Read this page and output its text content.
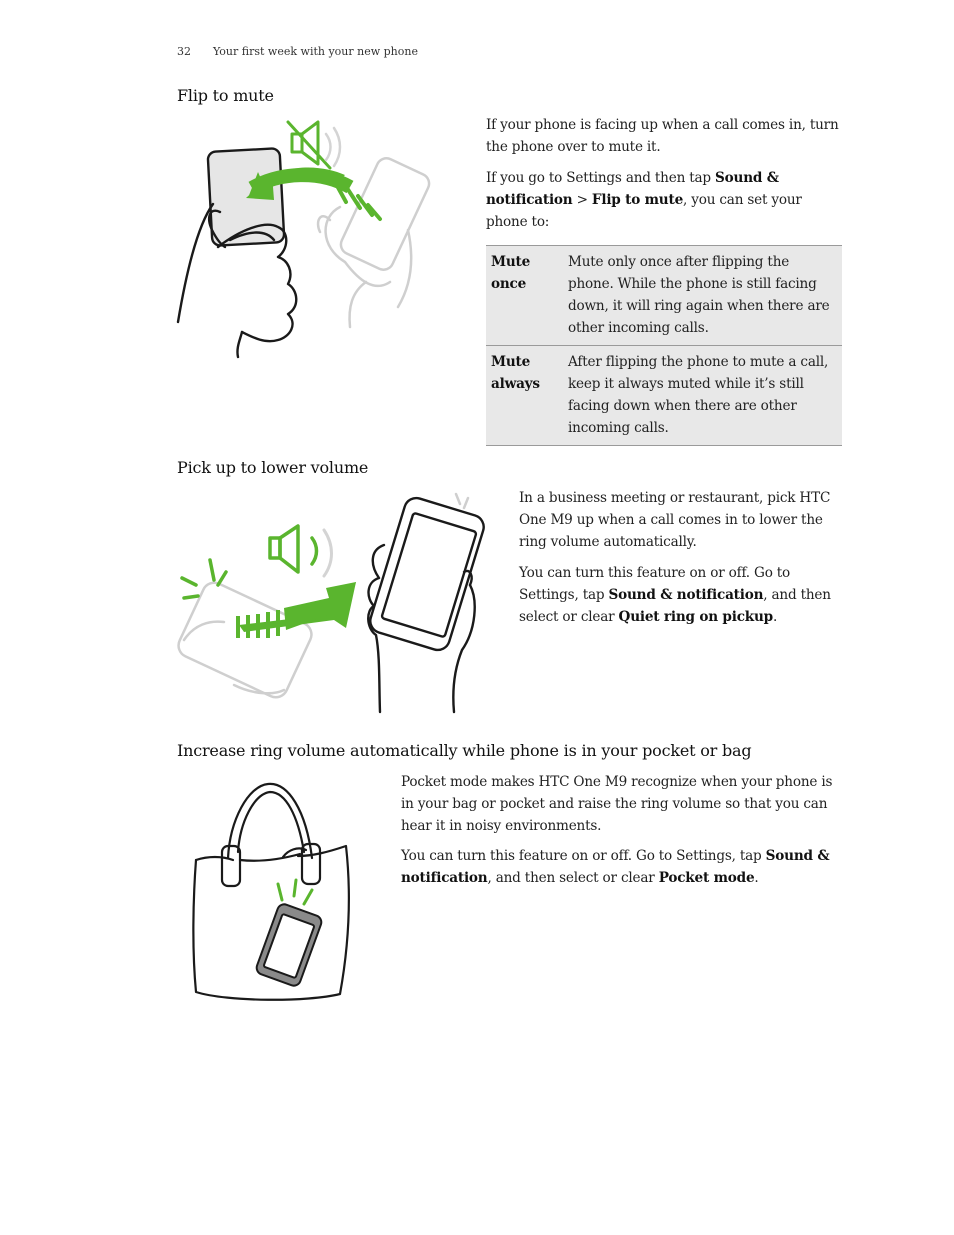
32 Your first week with your new phone
Flip to mute

If your phone is facing up when a call comes in, turn the phone over to mute it.

If you go to Settings and then tap Sound & notification > Flip to mute, you can set your phone to:

Mute once	Mute only once after flipping the phone. While the phone is still facing down, it will ring again when there are other incoming calls.
Mute always	After flipping the phone to mute a call, keep it always muted while it’s still facing down when there are other incoming calls.
Pick up to lower volume

In a business meeting or restaurant, pick HTC One M9 up when a call comes in to lower the ring volume automatically.

You can turn this feature on or off. Go to Settings, tap Sound & notification, and then select or clear Quiet ring on pickup.

Increase ring volume automatically while phone is in your pocket or bag

Pocket mode makes HTC One M9 recognize when your phone is in your bag or pocket and raise the ring volume so that you can hear it in noisy environments.

You can turn this feature on or off. Go to Settings, tap Sound & notification, and then select or clear Pocket mode.
